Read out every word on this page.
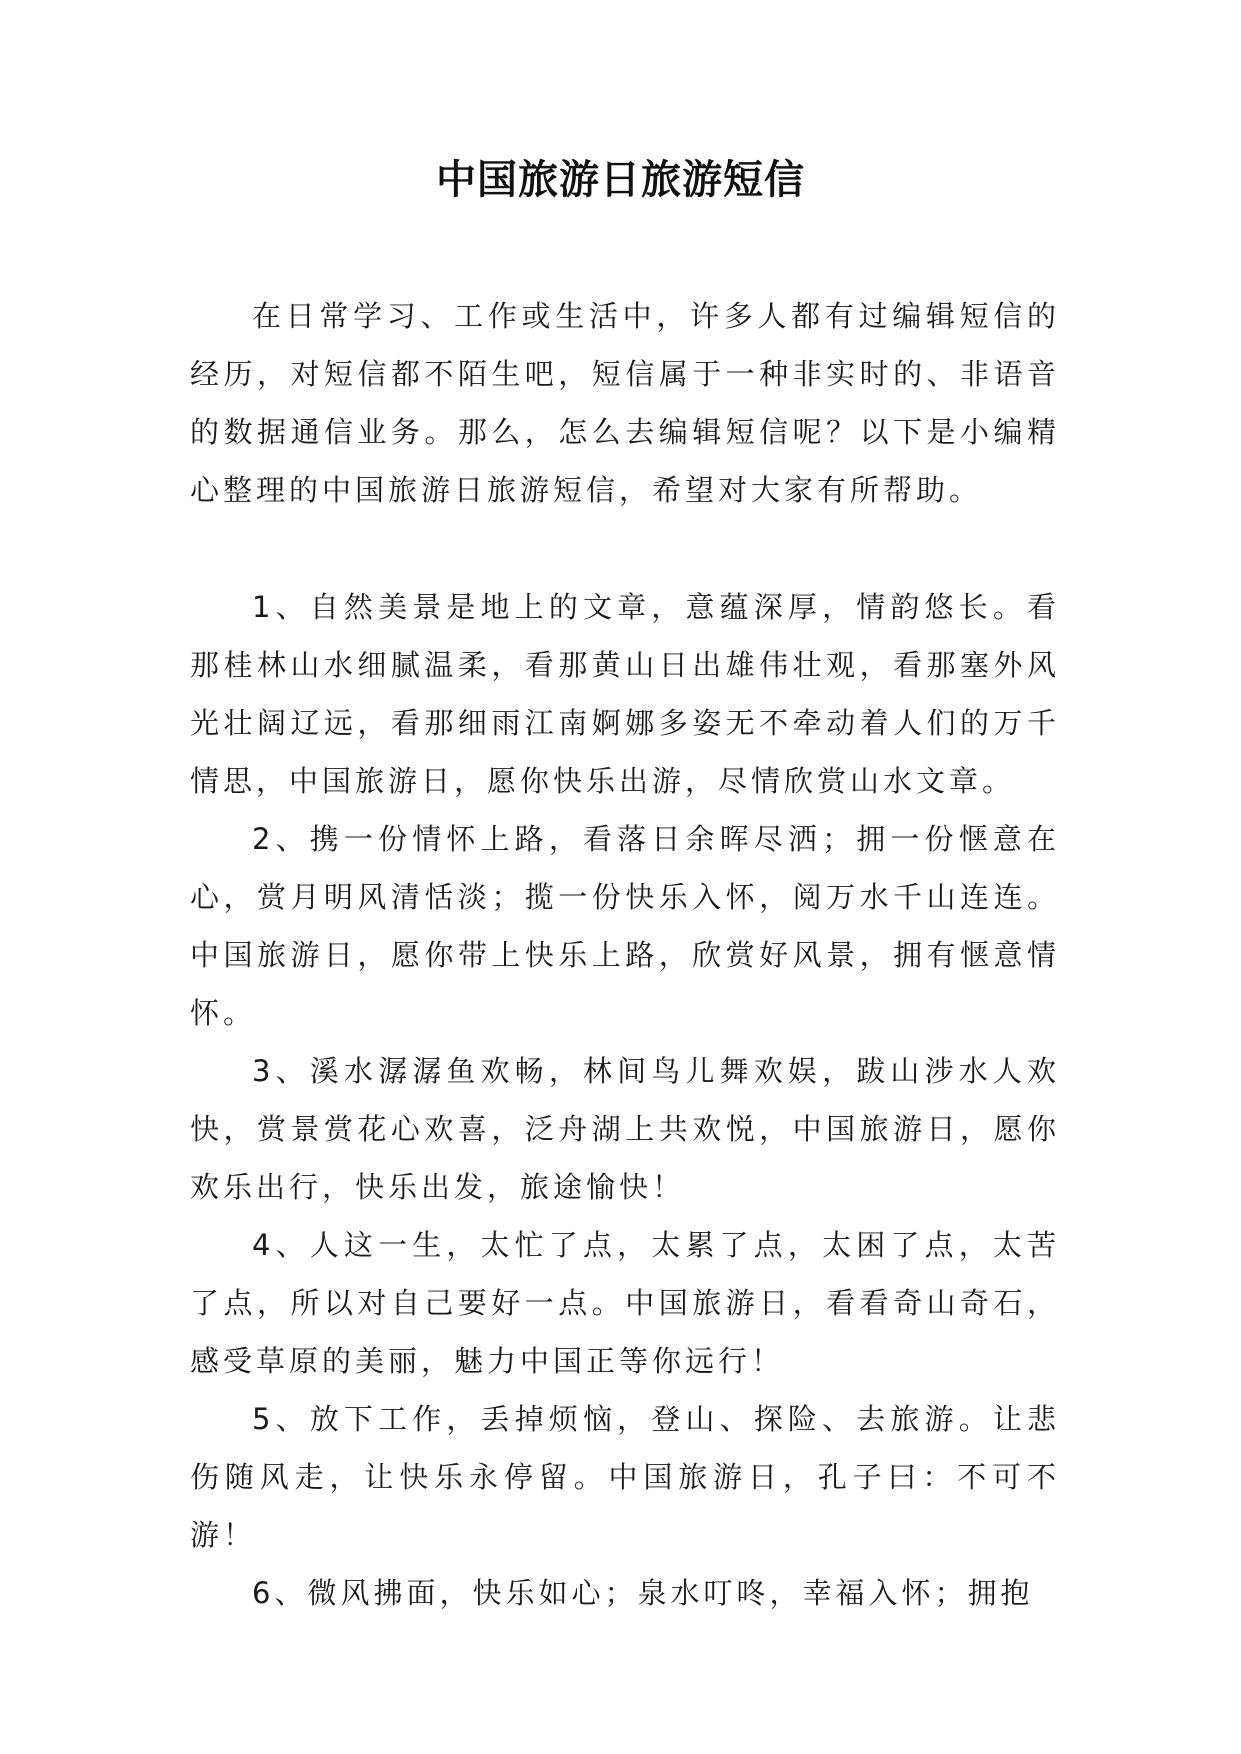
中国旅游日旅游短信

在日常学习、工作或生活中，许多人都有过编辑短信的经历，对短信都不陌生吧，短信属于一种非实时的、非语音的数据通信业务。那么，怎么去编辑短信呢？以下是小编精心整理的中国旅游日旅游短信，希望对大家有所帮助。

1、自然美景是地上的文章，意蕴深厚，情韵悠长。看那桂林山水细腻温柔，看那黄山日出雄伟壮观，看那塞外风光壮阔辽远，看那细雨江南婀娜多姿无不牵动着人们的万千情思，中国旅游日，愿你快乐出游，尽情欣赏山水文章。

2、携一份情怀上路，看落日余晖尽洒；拥一份惬意在心，赏月明风清恬淡；揽一份快乐入怀，阅万水千山连连。中国旅游日，愿你带上快乐上路，欣赏好风景，拥有惬意情怀。

3、溪水潺潺鱼欢畅，林间鸟儿舞欢娱，跋山涉水人欢快，赏景赏花心欢喜，泛舟湖上共欢悦，中国旅游日，愿你欢乐出行，快乐出发，旅途愉快！

4、人这一生，太忙了点，太累了点，太困了点，太苦了点，所以对自己要好一点。中国旅游日，看看奇山奇石，感受草原的美丽，魅力中国正等你远行！

5、放下工作，丢掉烦恼，登山、探险、去旅游。让悲伤随风走，让快乐永停留。中国旅游日，孔子曰：不可不游！

6、微风拂面，快乐如心；泉水叮咚，幸福入怀；拥抱
